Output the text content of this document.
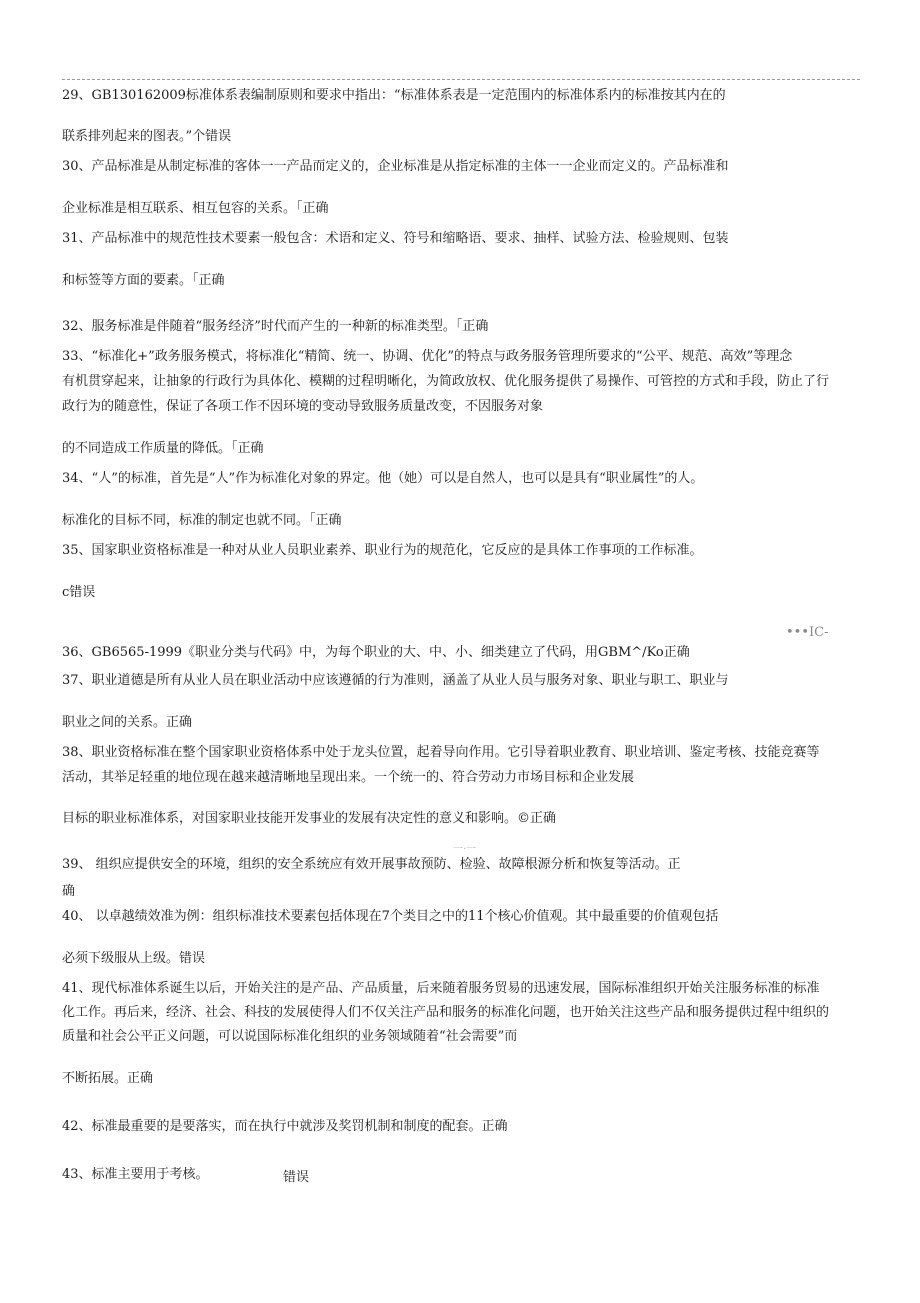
29、GB130162009标准体系表编制原则和要求中指出：“标准体系表是一定范围内的标准体系内的标准按其内在的
联系排列起来的图表。”个错误
30、产品标准是从制定标准的客体一一产品而定义的，企业标准是从指定标准的主体一一企业而定义的。产品标准和
企业标准是相互联系、相互包容的关系。「正确
31、产品标准中的规范性技术要素一般包含：术语和定义、符号和缩略语、要求、抽样、试验方法、检验规则、包装
和标签等方面的要素。「正确
32、服务标准是伴随着“服务经济”时代而产生的一种新的标准类型。「正确
33、“标准化+”政务服务模式，将标准化“精简、统一、协调、优化”的特点与政务服务管理所要求的“公平、规范、高效”等理念
有机贯穿起来，让抽象的行政行为具体化、模糊的过程明晰化，为简政放权、优化服务提供了易操作、可管控的方式和手段，防止了行
政行为的随意性，保证了各项工作不因环境的变动导致服务质量改变，不因服务对象
的不同造成工作质量的降低。「正确
34、“人”的标准，首先是“人”作为标准化对象的界定。他（她）可以是自然人，也可以是具有“职业属性”的人。
标准化的目标不同，标准的制定也就不同。「正确
35、国家职业资格标准是一种对从业人员职业素养、职业行为的规范化，它反应的是具体工作事项的工作标准。
c错误
•••IC-
36、GB6565-1999《职业分类与代码》中，为每个职业的大、中、小、细类建立了代码，用GBM^/Ko正确
37、职业道德是所有从业人员在职业活动中应该遵循的行为准则，涵盖了从业人员与服务对象、职业与职工、职业与
职业之间的关系。正确
38、职业资格标准在整个国家职业资格体系中处于龙头位置，起着导向作用。它引导着职业教育、职业培训、鉴定考核、技能竞赛等
活动，其举足轻重的地位现在越来越清晰地呈现出来。一个统一的、符合劳动力市场目标和企业发展
目标的职业标准体系，对国家职业技能开发事业的发展有决定性的意义和影响。©正确
一·一
39、 组织应提供安全的环境，组织的安全系统应有效开展事故预防、检验、故障根源分析和恢复等活动。正
确
40、 以卓越绩效准为例：组织标准技术要素包括体现在7个类目之中的11个核心价值观。其中最重要的价值观包括
必须下级服从上级。错误
41、现代标准体系诞生以后，开始关注的是产品、产品质量，后来随着服务贸易的迅速发展，国际标准组织开始关注服务标准的标准
化工作。再后来，经济、社会、科技的发展使得人们不仅关注产品和服务的标准化问题，也开始关注这些产品和服务提供过程中组织的
质量和社会公平正义问题，可以说国际标准化组织的业务领域随着“社会需要”而
不断拓展。正确
42、标准最重要的是要落实，而在执行中就涉及奖罚机制和制度的配套。正确
43、标准主要用于考核。	错误
